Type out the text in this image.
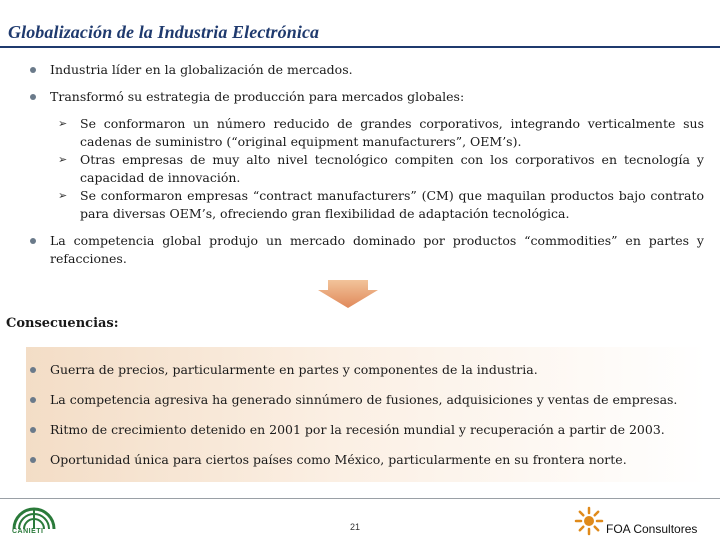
Globalización de la Industria Electrónica
Industria líder en la globalización de mercados.
Transformó su estrategia de producción para mercados globales:
➢ Se conformaron un número reducido de grandes corporativos, integrando verticalmente sus cadenas de suministro (“original equipment manufacturers”, OEM’s).
➢ Otras empresas de muy alto nivel tecnológico compiten con los corporativos en tecnología y capacidad de innovación.
➢ Se conformaron empresas “contract manufacturers” (CM) que maquilan productos bajo contrato para diversas OEM’s, ofreciendo gran flexibilidad de adaptación tecnológica.
La competencia global produjo un mercado dominado por productos “commodities” en partes y refacciones.
Consecuencias:
Guerra de precios, particularmente en partes y componentes de la industria.
La competencia agresiva ha generado sinnúmero de fusiones, adquisiciones y ventas de empresas.
Ritmo de crecimiento detenido en 2001 por la recesión mundial y recuperación a partir de 2003.
Oportunidad única para ciertos países como México, particularmente en su frontera norte.
CANIETI	21	FOA Consultores
